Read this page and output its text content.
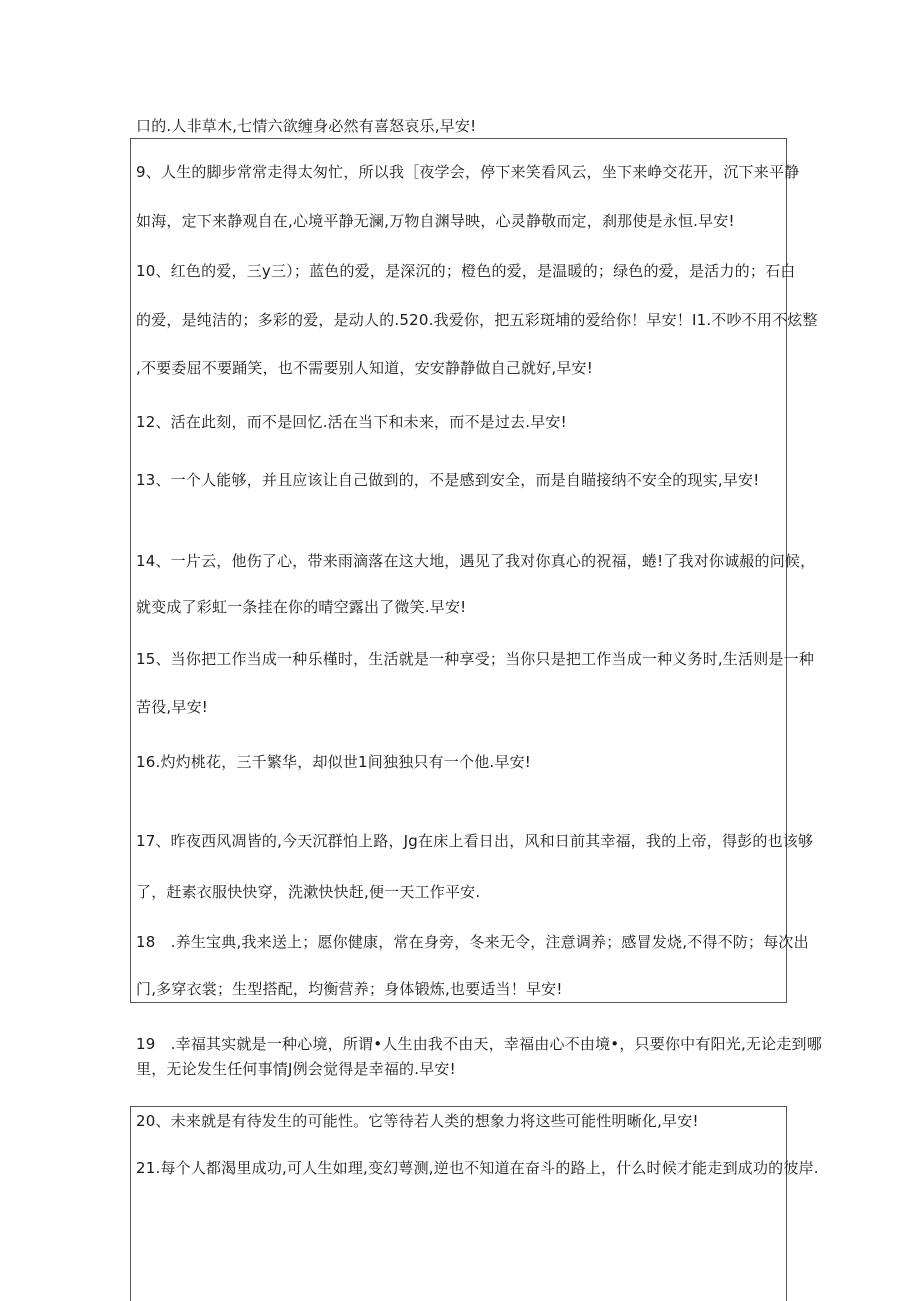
口的.人非草木,七情六欲缠身必然有喜怒哀乐,早安!
9、人生的脚步常常走得太匆忙，所以我［夜学会，停下来笑看风云，坐下来峥交花开，沉下来平静
如海，定下来静观自在,心境平静无澜,万物自渊导映，心灵静敬而定，刹那使是永恒.早安!
10、红色的爱，三y三）；蓝色的爱，是深沉的；橙色的爱，是温暖的；绿色的爱，是活力的；石白
的爱，是纯洁的；多彩的爱，是动人的.520.我爱你，把五彩斑埔的爱给你！早安！I1.不吵不用不炫整
,不要委屈不要踊笑，也不需要别人知道，安安静静做自己就好,早安!
12、活在此刻，而不是回忆.活在当下和未来，而不是过去.早安!
13、一个人能够，并且应该让自己做到的，不是感到安全，而是自瞄接纳不安全的现实,早安!
14、一片云，他伤了心，带来雨滴落在这大地，遇见了我对你真心的祝福，蜷!了我对你诚赧的问候，
就变成了彩虹一条挂在你的晴空露出了微笑.早安!
15、当你把工作当成一种乐槿时，生活就是一种享受；当你只是把工作当成一种义务时,生活则是一种
苦役,早安!
16.灼灼桃花，三千繁华，却似世1间独独只有一个他.早安!
17、昨夜西风凋皆的,今天沉群怕上路，Jg在床上看日出，风和日前其幸福，我的上帝，得彭的也该够
了，赶素衣服快快穿，洗漱快快赶,便一天工作平安.
18　.养生宝典,我来送上；愿你健康，常在身旁，冬来无令，注意调养；感冒发烧,不得不防；每次出
门,多穿衣裳；生型搭配，均衡营养；身体锻炼,也要适当！早安!
19　.幸福其实就是一种心境，所谓•人生由我不由天，幸福由心不由境•，只要你中有阳光,无论走到哪
里，无论发生任何事情J例会觉得是幸福的.早安!
20、未来就是有待发生的可能性。它等待若人类的想象力将这些可能性明晰化,早安!
21.每个人都渴里成功,可人生如理,变幻萼测,逆也不知道在奋斗的路上，什么时候才能走到成功的彼岸.
